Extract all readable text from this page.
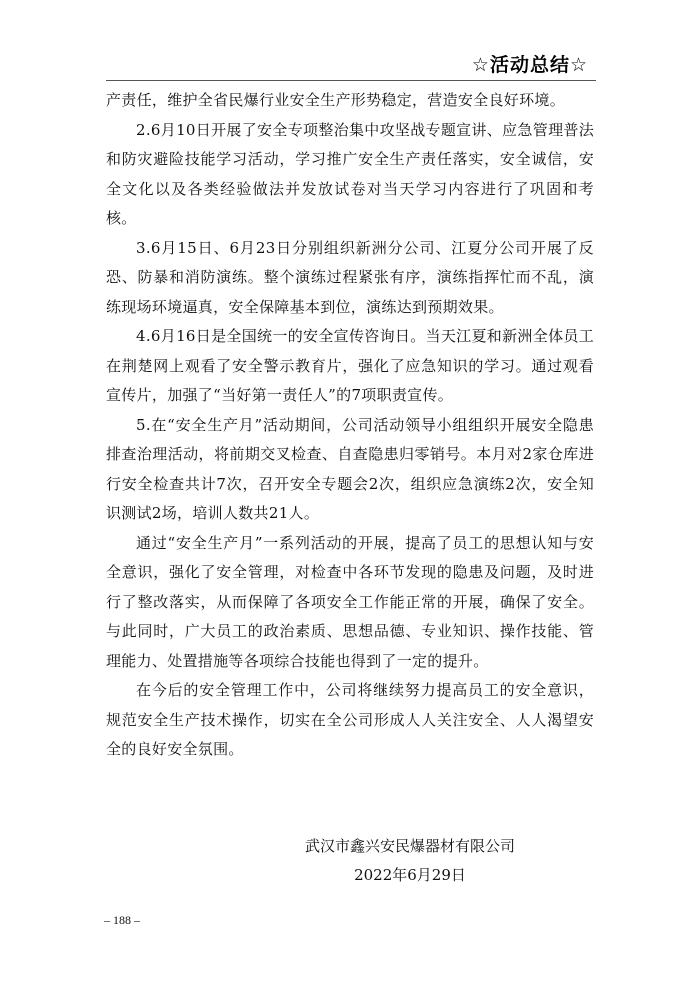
☆活动总结☆

产责任，维护全省民爆行业安全生产形势稳定，营造安全良好环境。

2.6月10日开展了安全专项整治集中攻坚战专题宣讲、应急管理普法和防灾避险技能学习活动，学习推广安全生产责任落实，安全诚信，安全文化以及各类经验做法并发放试卷对当天学习内容进行了巩固和考核。

3.6月15日、6月23日分别组织新洲分公司、江夏分公司开展了反恐、防暴和消防演练。整个演练过程紧张有序，演练指挥忙而不乱，演练现场环境逼真，安全保障基本到位，演练达到预期效果。

4.6月16日是全国统一的安全宣传咨询日。当天江夏和新洲全体员工在荆楚网上观看了安全警示教育片，强化了应急知识的学习。通过观看宣传片，加强了“当好第一责任人”的7项职责宣传。

5.在“安全生产月”活动期间，公司活动领导小组组织开展安全隐患排查治理活动，将前期交叉检查、自查隐患归零销号。本月对2家仓库进行安全检查共计7次，召开安全专题会2次，组织应急演练2次，安全知识测试2场，培训人数共21人。

通过“安全生产月”一系列活动的开展，提高了员工的思想认知与安全意识，强化了安全管理，对检查中各环节发现的隐患及问题，及时进行了整改落实，从而保障了各项安全工作能正常的开展，确保了安全。与此同时，广大员工的政治素质、思想品德、专业知识、操作技能、管理能力、处置措施等各项综合技能也得到了一定的提升。

在今后的安全管理工作中，公司将继续努力提高员工的安全意识，规范安全生产技术操作，切实在全公司形成人人关注安全、人人渴望安全的良好安全氛围。

武汉市鑫兴安民爆器材有限公司
2022年6月29日
– 188 –
